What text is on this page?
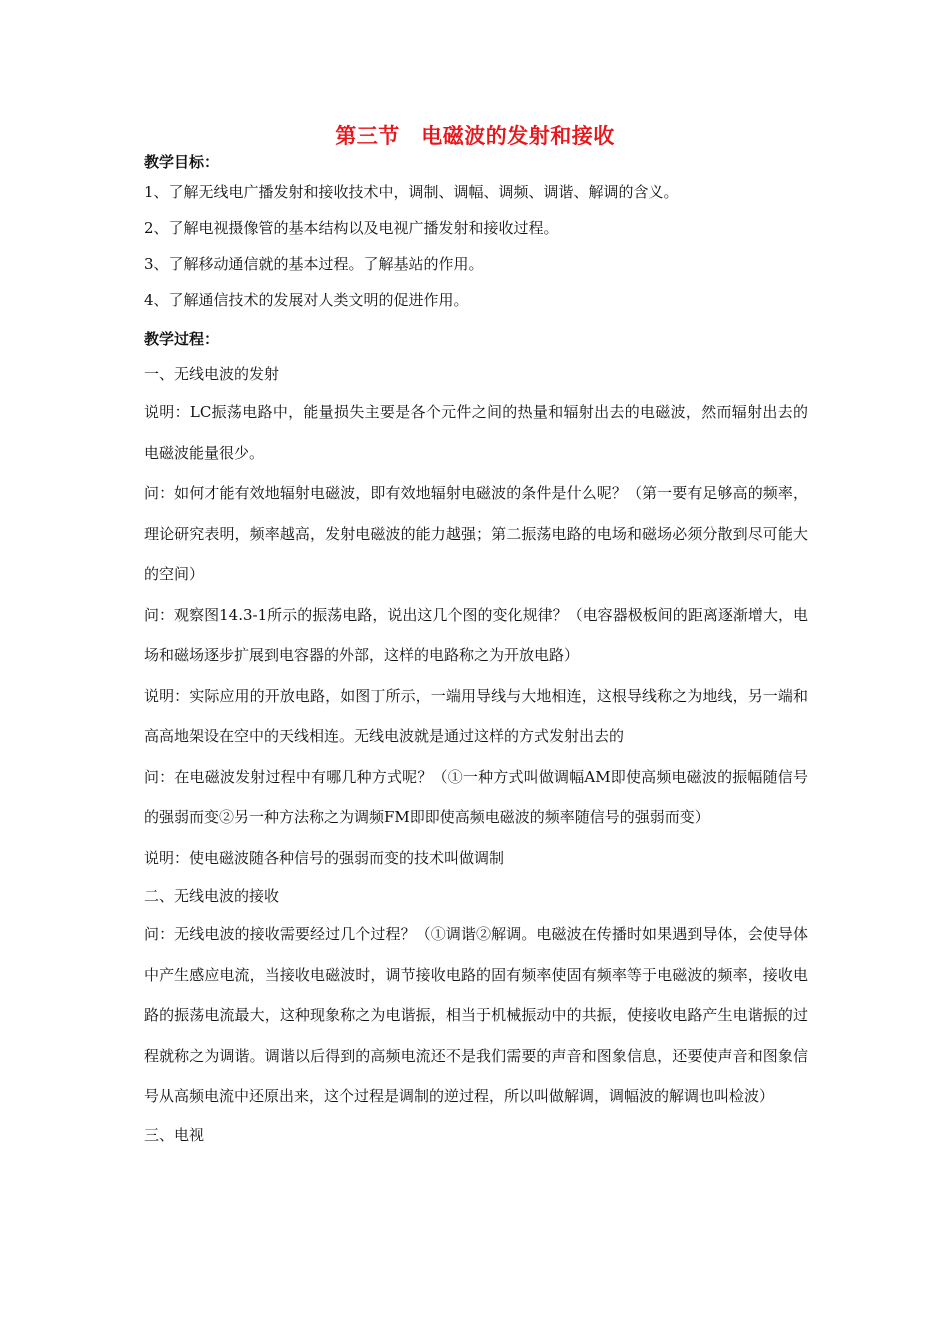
第三节　电磁波的发射和接收

教学目标：

1、了解无线电广播发射和接收技术中，调制、调幅、调频、调谐、解调的含义。

2、了解电视摄像管的基本结构以及电视广播发射和接收过程。

3、了解移动通信就的基本过程。了解基站的作用。

4、了解通信技术的发展对人类文明的促进作用。

教学过程：

一、无线电波的发射

说明：LC振荡电路中，能量损失主要是各个元件之间的热量和辐射出去的电磁波，然而辐射出去的电磁波能量很少。

问：如何才能有效地辐射电磁波，即有效地辐射电磁波的条件是什么呢？（第一要有足够高的频率，理论研究表明，频率越高，发射电磁波的能力越强；第二振荡电路的电场和磁场必须分散到尽可能大的空间）

问：观察图14.3-1所示的振荡电路，说出这几个图的变化规律？（电容器极板间的距离逐渐增大，电场和磁场逐步扩展到电容器的外部，这样的电路称之为开放电路）

说明：实际应用的开放电路，如图丁所示，一端用导线与大地相连，这根导线称之为地线，另一端和高高地架设在空中的天线相连。无线电波就是通过这样的方式发射出去的

问：在电磁波发射过程中有哪几种方式呢？（①一种方式叫做调幅AM即使高频电磁波的振幅随信号的强弱而变②另一种方法称之为调频FM即即使高频电磁波的频率随信号的强弱而变）

说明：使电磁波随各种信号的强弱而变的技术叫做调制

二、无线电波的接收

问：无线电波的接收需要经过几个过程？（①调谐②解调。电磁波在传播时如果遇到导体，会使导体中产生感应电流，当接收电磁波时，调节接收电路的固有频率使固有频率等于电磁波的频率，接收电路的振荡电流最大，这种现象称之为电谐振，相当于机械振动中的共振，使接收电路产生电谐振的过程就称之为调谐。调谐以后得到的高频电流还不是我们需要的声音和图象信息，还要使声音和图象信号从高频电流中还原出来，这个过程是调制的逆过程，所以叫做解调，调幅波的解调也叫检波）

三、电视
